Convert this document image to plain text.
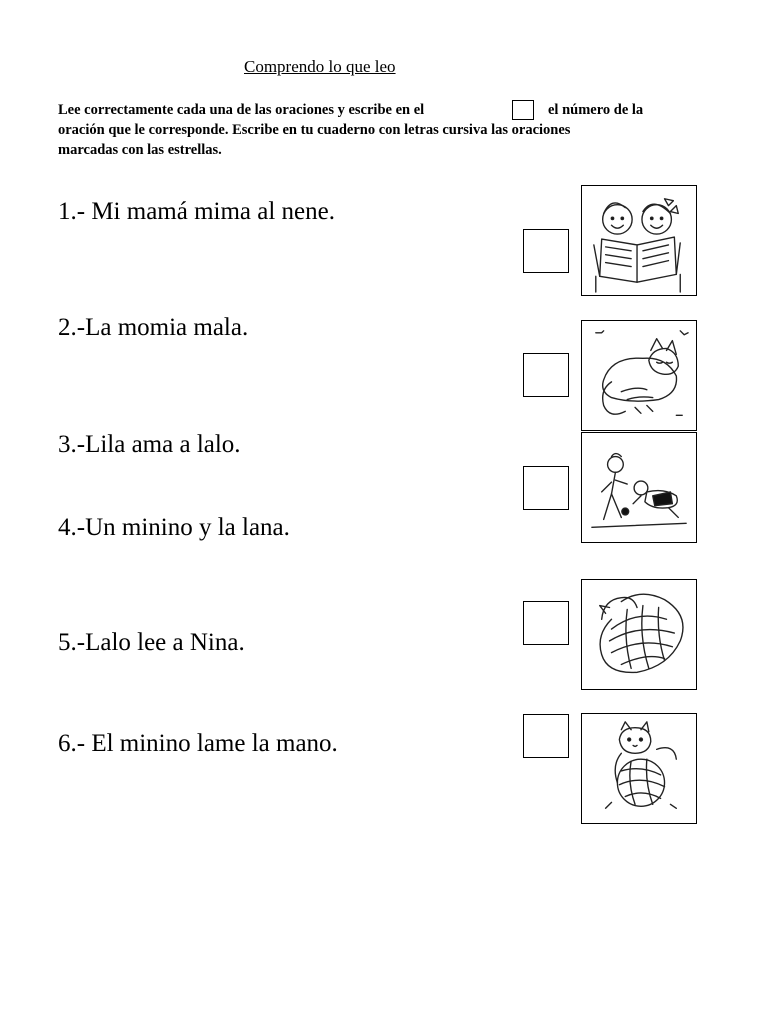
Comprendo lo que leo
Lee correctamente cada una de las oraciones y escribe en el	el número de la
oración que le corresponde. Escribe en tu cuaderno con letras cursiva las oraciones
marcadas con las estrellas.
1.- Mi mamá mima al nene.
2.-La momia mala.
3.-Lila ama a lalo.
4.-Un minino y la lana.
5.-Lalo lee a Nina.
6.- El minino lame la mano.
